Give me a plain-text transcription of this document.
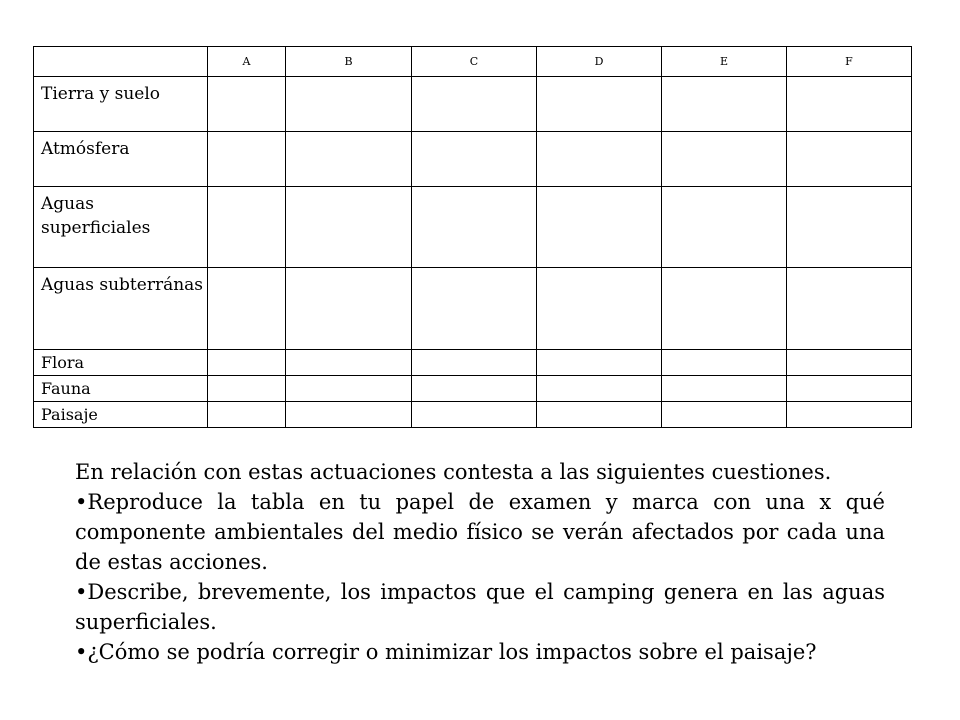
	A	B	C	D	E	F
Tierra y suelo						
Atmósfera						
Aguas superficiales						
Aguas subterránas						
Flora						
Fauna						
Paisaje						

En relación con estas actuaciones contesta a las siguientes cuestiones.

•Reproduce la tabla en tu papel de examen y marca con una x qué componente ambientales del medio físico se verán afectados por cada una de estas acciones.

•Describe, brevemente, los impactos que el camping genera en las aguas superficiales.

•¿Cómo se podría corregir o minimizar los impactos sobre el paisaje?
